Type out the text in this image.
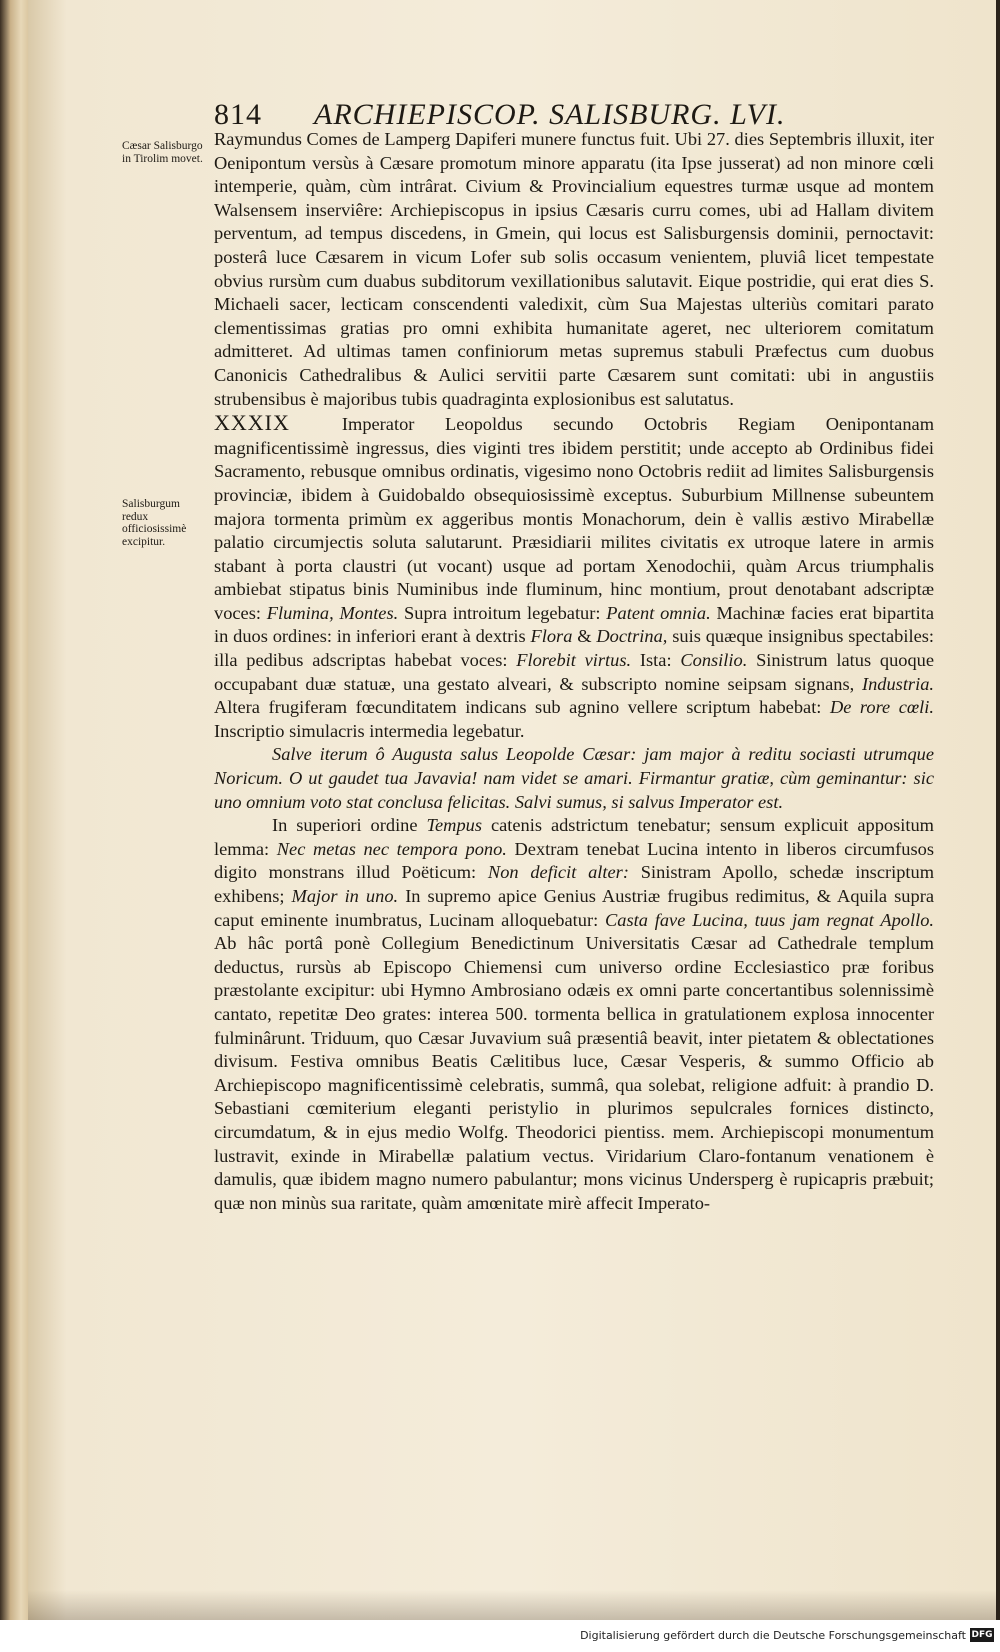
814 ARCHIEPISCOP. SALISBURG. LVI.
Cæsar Salisburgo in Tirolim movet.
Salisburgum redux officiosissimè excipitur.

Raymundus Comes de Lamperg Dapiferi munere functus fuit. Ubi 27. dies Septembris illuxit, iter Oenipontum versùs à Cæsare promotum minore apparatu (ita Ipse jusserat) ad non minore cœli intemperie, quàm, cùm intrârat. Civium & Provincialium equestres turmæ usque ad montem Walsensem inserviêre: Archiepiscopus in ipsius Cæsaris curru comes, ubi ad Hallam divitem perventum, ad tempus discedens, in Gmein, qui locus est Salisburgensis dominii, pernoctavit: posterâ luce Cæsarem in vicum Lofer sub solis occasum venientem, pluviâ licet tempestate obvius rursùm cum duabus subditorum vexillationibus salutavit. Eique postridie, qui erat dies S. Michaeli sacer, lecticam conscendenti valedixit, cùm Sua Majestas ulteriùs comitari parato clementissimas gratias pro omni exhibita humanitate ageret, nec ulteriorem comitatum admitteret. Ad ultimas tamen confiniorum metas supremus stabuli Præfectus cum duobus Canonicis Cathedralibus & Aulici servitii parte Cæsarem sunt comitati: ubi in angustiis strubensibus è majoribus tubis quadraginta explosionibus est salutatus.

XXXIX	Imperator Leopoldus secundo Octobris Regiam Oenipontanam magnificentissimè ingressus, dies viginti tres ibidem perstitit; unde accepto ab Ordinibus fidei Sacramento, rebusque omnibus ordinatis, vigesimo nono Octobris rediit ad limites Salisburgensis provinciæ, ibidem à Guidobaldo obsequiosissimè exceptus. Suburbium Millnense subeuntem majora tormenta primùm ex aggeribus montis Monachorum, dein è vallis æstivo Mirabellæ palatio circumjectis soluta salutarunt. Præsidiarii milites civitatis ex utroque latere in armis stabant à porta claustri (ut vocant) usque ad portam Xenodochii, quàm Arcus triumphalis ambiebat stipatus binis Numinibus inde fluminum, hinc montium, prout denotabant adscriptæ voces: Flumina, Montes. Supra introitum legebatur: Patent omnia. Machinæ facies erat bipartita in duos ordines: in inferiori erant à dextris Flora & Doctrina, suis quæque insignibus spectabiles: illa pedibus adscriptas habebat voces: Florebit virtus. Ista: Consilio. Sinistrum latus quoque occupabant duæ statuæ, una gestato alveari, & subscripto nomine seipsam signans, Industria. Altera frugiferam fœcunditatem indicans sub agnino vellere scriptum habebat: De rore cœli. Inscriptio simulacris intermedia legebatur.

Salve iterum ô Augusta salus Leopolde Cæsar: jam major à reditu sociasti utrumque Noricum. O ut gaudet tua Javavia! nam videt se amari. Firmantur gratiæ, cùm geminantur: sic uno omnium voto stat conclusa felicitas. Salvi sumus, si salvus Imperator est.

In superiori ordine Tempus catenis adstrictum tenebatur; sensum explicuit appositum lemma: Nec metas nec tempora pono. Dextram tenebat Lucina intento in liberos circumfusos digito monstrans illud Poëticum: Non deficit alter: Sinistram Apollo, schedæ inscriptum exhibens; Major in uno. In supremo apice Genius Austriæ frugibus redimitus, & Aquila supra caput eminente inumbratus, Lucinam alloquebatur: Casta fave Lucina, tuus jam regnat Apollo. Ab hâc portâ ponè Collegium Benedictinum Universitatis Cæsar ad Cathedrale templum deductus, rursùs ab Episcopo Chiemensi cum universo ordine Ecclesiastico præ foribus præstolante excipitur: ubi Hymno Ambrosiano odæis ex omni parte concertantibus solennissimè cantato, repetitæ Deo grates: interea 500. tormenta bellica in gratulationem explosa innocenter fulminârunt. Triduum, quo Cæsar Juvavium suâ præsentiâ beavit, inter pietatem & oblectationes divisum. Festiva omnibus Beatis Cælitibus luce, Cæsar Vesperis, & summo Officio ab Archiepiscopo magnificentissimè celebratis, summâ, qua solebat, religione adfuit: à prandio D. Sebastiani cœmiterium eleganti peristylio in plurimos sepulcrales fornices distincto, circumdatum, & in ejus medio Wolfg. Theodorici pientiss. mem. Archiepiscopi monumentum lustravit, exinde in Mirabellæ palatium vectus. Viridarium Claro-fontanum venationem è damulis, quæ ibidem magno numero pabulantur; mons vicinus Undersperg è rupicapris præbuit; quæ non minùs sua raritate, quàm amœnitate mirè affecit Imperato-

Digitalisierung gefördert durch die Deutsche Forschungsgemeinschaft DFG
